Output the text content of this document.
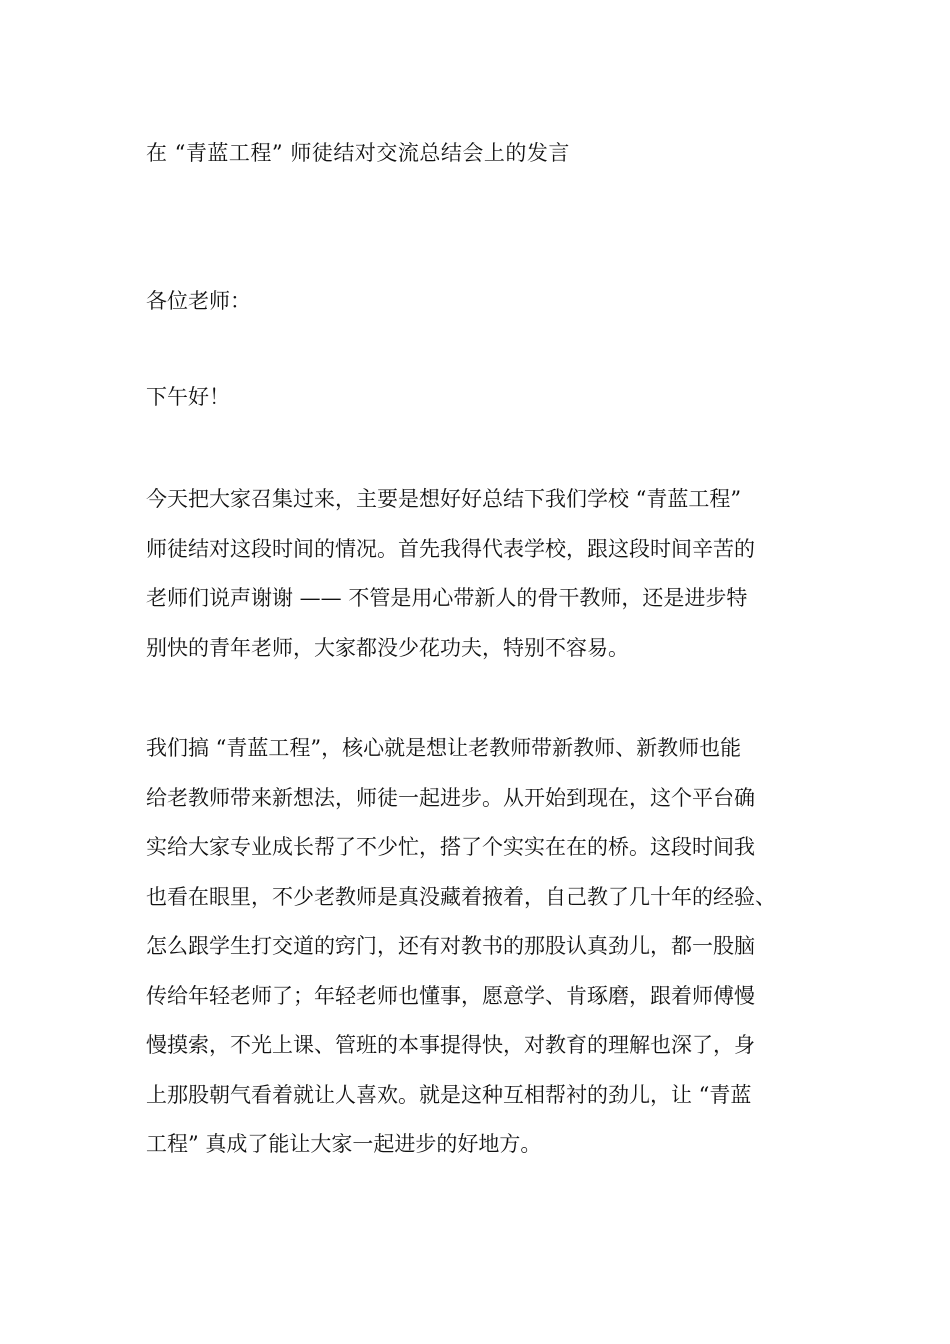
在 “青蓝工程” 师徒结对交流总结会上的发言
各位老师：
下午好！
今天把大家召集过来，主要是想好好总结下我们学校 “青蓝工程”
师徒结对这段时间的情况。首先我得代表学校，跟这段时间辛苦的
老师们说声谢谢 —— 不管是用心带新人的骨干教师，还是进步特
别快的青年老师，大家都没少花功夫，特别不容易。
我们搞 “青蓝工程”，核心就是想让老教师带新教师、新教师也能
给老教师带来新想法，师徒一起进步。从开始到现在，这个平台确
实给大家专业成长帮了不少忙，搭了个实实在在的桥。这段时间我
也看在眼里，不少老教师是真没藏着掖着，自己教了几十年的经验、
怎么跟学生打交道的窍门，还有对教书的那股认真劲儿，都一股脑
传给年轻老师了；年轻老师也懂事，愿意学、肯琢磨，跟着师傅慢
慢摸索，不光上课、管班的本事提得快，对教育的理解也深了，身
上那股朝气看着就让人喜欢。就是这种互相帮衬的劲儿，让 “青蓝
工程” 真成了能让大家一起进步的好地方。
